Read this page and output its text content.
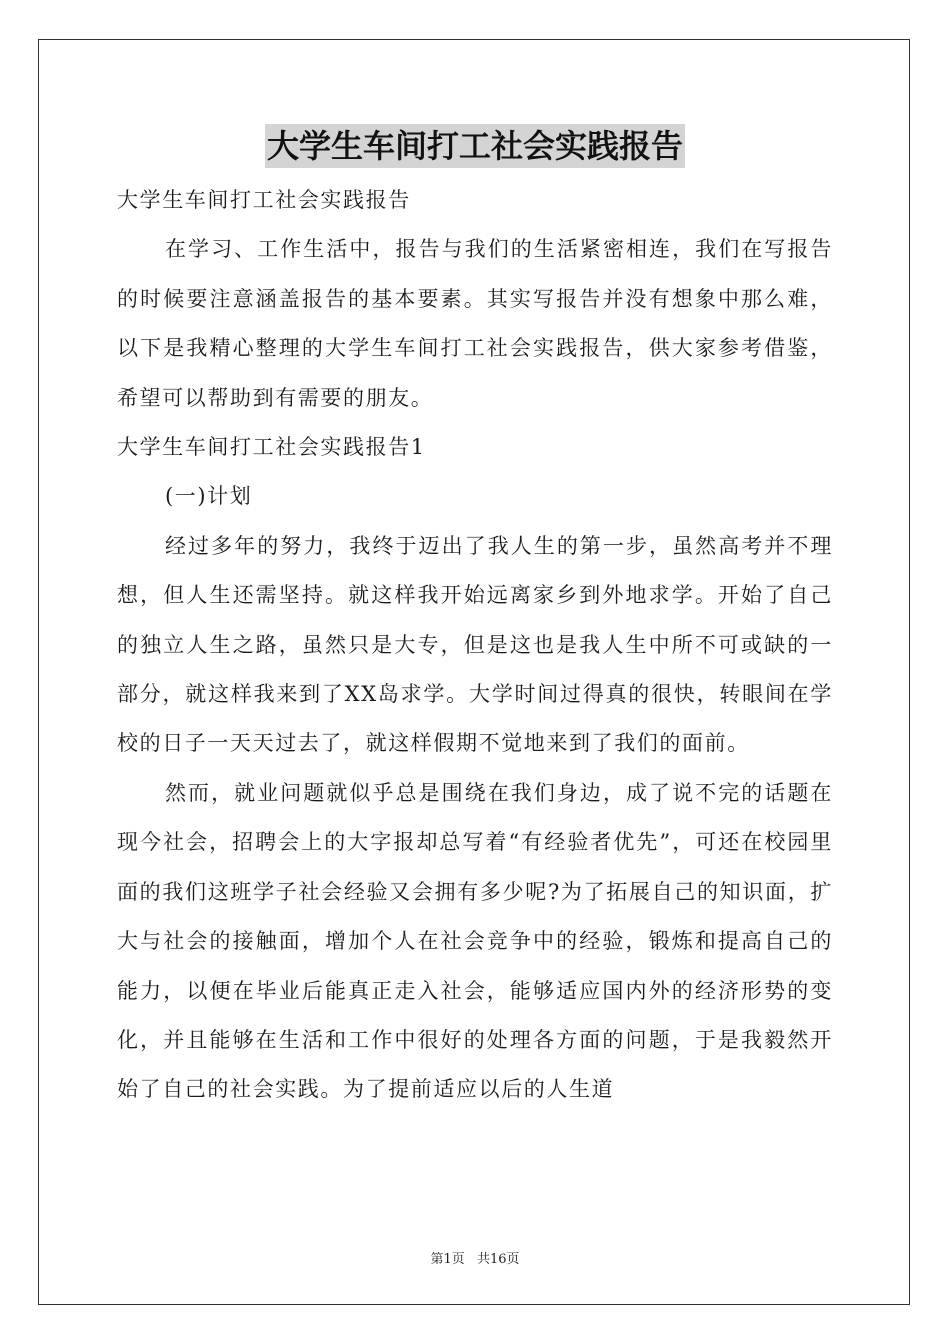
大学生车间打工社会实践报告

大学生车间打工社会实践报告

在学习、工作生活中，报告与我们的生活紧密相连，我们在写报告的时候要注意涵盖报告的基本要素。其实写报告并没有想象中那么难，以下是我精心整理的大学生车间打工社会实践报告，供大家参考借鉴，希望可以帮助到有需要的朋友。

大学生车间打工社会实践报告1

(一)计划

经过多年的努力，我终于迈出了我人生的第一步，虽然高考并不理想，但人生还需坚持。就这样我开始远离家乡到外地求学。开始了自己的独立人生之路，虽然只是大专，但是这也是我人生中所不可或缺的一部分，就这样我来到了XX岛求学。大学时间过得真的很快，转眼间在学校的日子一天天过去了，就这样假期不觉地来到了我们的面前。

然而，就业问题就似乎总是围绕在我们身边，成了说不完的话题在现今社会，招聘会上的大字报却总写着“有经验者优先”，可还在校园里面的我们这班学子社会经验又会拥有多少呢?为了拓展自己的知识面，扩大与社会的接触面，增加个人在社会竞争中的经验，锻炼和提高自己的能力，以便在毕业后能真正走入社会，能够适应国内外的经济形势的变化，并且能够在生活和工作中很好的处理各方面的问题，于是我毅然开始了自己的社会实践。为了提前适应以后的人生道

第1页 共16页
